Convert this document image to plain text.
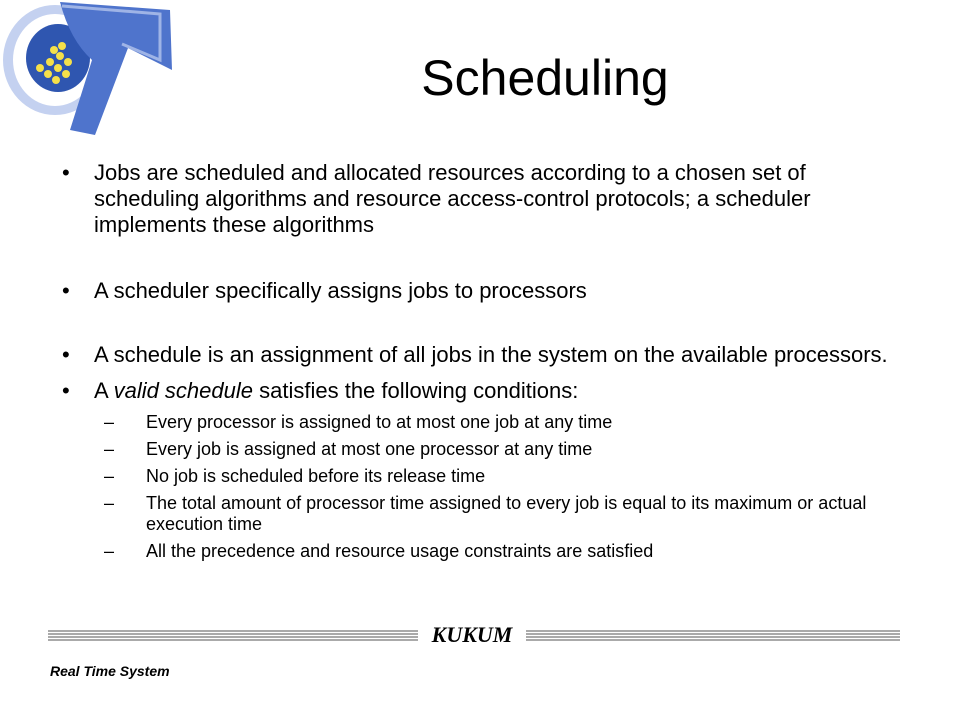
Scheduling
• Jobs are scheduled and allocated resources according to a chosen set of scheduling algorithms and resource access-control protocols; a scheduler implements these algorithms
• A scheduler specifically assigns jobs to processors
• A schedule is an assignment of all jobs in the system on the available processors.
• A valid schedule satisfies the following conditions:
– Every processor is assigned to at most one job at any time
– Every job is assigned at most one processor at any time
– No job is scheduled before its release time
– The total amount of processor time assigned to every job is equal to its maximum or actual execution time
– All the precedence and resource usage constraints are satisfied
KUKUM
Real Time System
